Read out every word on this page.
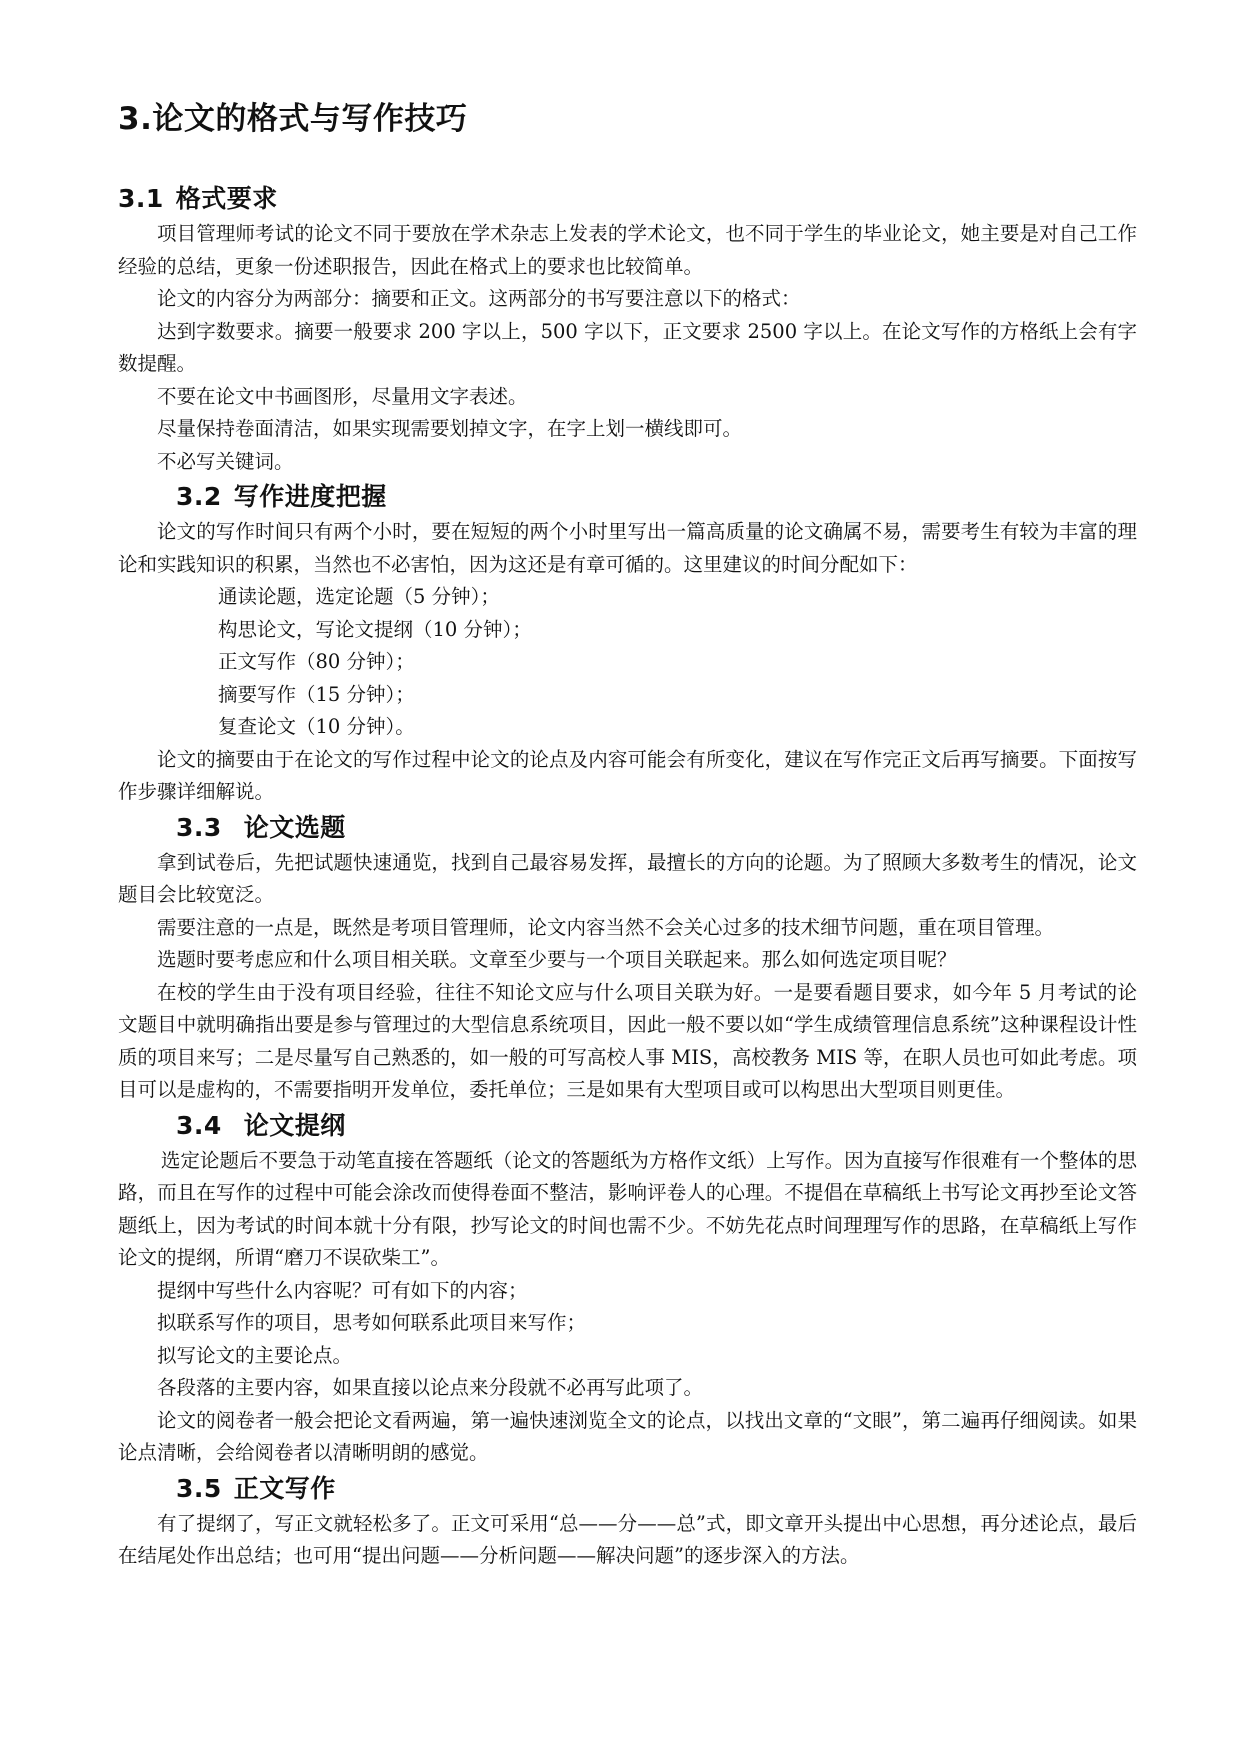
3.论文的格式与写作技巧
3.1 格式要求

项目管理师考试的论文不同于要放在学术杂志上发表的学术论文，也不同于学生的毕业论文，她主要是对自己工作经验的总结，更象一份述职报告，因此在格式上的要求也比较简单。

论文的内容分为两部分：摘要和正文。这两部分的书写要注意以下的格式：

达到字数要求。摘要一般要求 200 字以上，500 字以下，正文要求 2500 字以上。在论文写作的方格纸上会有字数提醒。

不要在论文中书画图形，尽量用文字表述。

尽量保持卷面清洁，如果实现需要划掉文字，在字上划一横线即可。

不必写关键词。

3.2 写作进度把握

论文的写作时间只有两个小时，要在短短的两个小时里写出一篇高质量的论文确属不易，需要考生有较为丰富的理论和实践知识的积累，当然也不必害怕，因为这还是有章可循的。这里建议的时间分配如下：

通读论题，选定论题（5 分钟）；

构思论文，写论文提纲（10 分钟）；

正文写作（80 分钟）；

摘要写作（15 分钟）；

复查论文（10 分钟）。

论文的摘要由于在论文的写作过程中论文的论点及内容可能会有所变化，建议在写作完正文后再写摘要。下面按写作步骤详细解说。

3.3 论文选题

拿到试卷后，先把试题快速通览，找到自己最容易发挥，最擅长的方向的论题。为了照顾大多数考生的情况，论文题目会比较宽泛。

需要注意的一点是，既然是考项目管理师，论文内容当然不会关心过多的技术细节问题，重在项目管理。

选题时要考虑应和什么项目相关联。文章至少要与一个项目关联起来。那么如何选定项目呢？

在校的学生由于没有项目经验，往往不知论文应与什么项目关联为好。一是要看题目要求，如今年 5 月考试的论文题目中就明确指出要是参与管理过的大型信息系统项目，因此一般不要以如“学生成绩管理信息系统”这种课程设计性质的项目来写；二是尽量写自己熟悉的，如一般的可写高校人事 MIS，高校教务 MIS 等，在职人员也可如此考虑。项目可以是虚构的，不需要指明开发单位，委托单位；三是如果有大型项目或可以构思出大型项目则更佳。

3.4 论文提纲

选定论题后不要急于动笔直接在答题纸（论文的答题纸为方格作文纸）上写作。因为直接写作很难有一个整体的思路，而且在写作的过程中可能会涂改而使得卷面不整洁，影响评卷人的心理。不提倡在草稿纸上书写论文再抄至论文答题纸上，因为考试的时间本就十分有限，抄写论文的时间也需不少。不妨先花点时间理理写作的思路，在草稿纸上写作论文的提纲，所谓“磨刀不误砍柴工”。

提纲中写些什么内容呢？可有如下的内容；

拟联系写作的项目，思考如何联系此项目来写作；

拟写论文的主要论点。

各段落的主要内容，如果直接以论点来分段就不必再写此项了。

论文的阅卷者一般会把论文看两遍，第一遍快速浏览全文的论点，以找出文章的“文眼”，第二遍再仔细阅读。如果论点清晰，会给阅卷者以清晰明朗的感觉。

3.5 正文写作

有了提纲了，写正文就轻松多了。正文可采用“总——分——总”式，即文章开头提出中心思想，再分述论点，最后在结尾处作出总结；也可用“提出问题——分析问题——解决问题”的逐步深入的方法。
